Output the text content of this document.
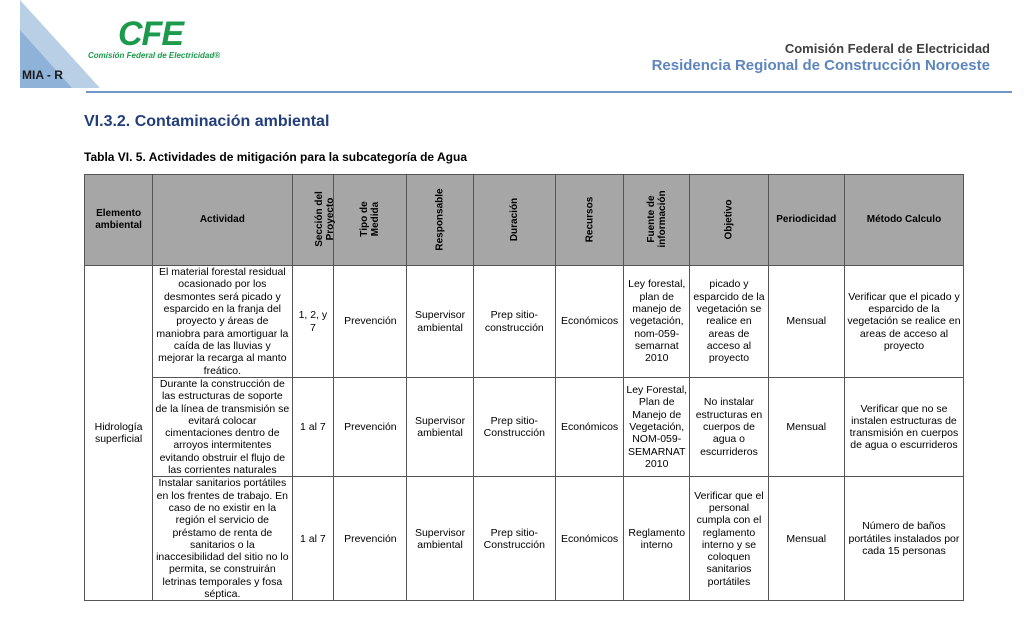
MIA - R
CFE
Comisión Federal de Electricidad®	Comisión Federal de Electricidad
Residencia Regional de Construcción Noroeste
VI.3.2. Contaminación ambiental
Tabla VI. 5. Actividades de mitigación para la subcategoría de Agua
Elemento ambiental	Actividad	Sección del Proyecto	Tipo de Medida	Responsable	Duración	Recursos	Fuente de información	Objetivo	Periodicidad	Método Calculo
Hidrología superficial	El material forestal residual ocasionado por los desmontes será picado y esparcido en la franja del proyecto y áreas de maniobra para amortiguar la caída de las lluvias y mejorar la recarga al manto freático.	1, 2, y 7	Prevención	Supervisor ambiental	Prep sitio-construcción	Económicos	Ley forestal, plan de manejo de vegetación, nom-059-semarnat 2010	picado y esparcido de la vegetación se realice en areas de acceso al proyecto	Mensual	Verificar que el picado y esparcido de la vegetación se realice en areas de acceso al proyecto
	Durante la construcción de las estructuras de soporte de la línea de transmisión se evitará colocar cimentaciones dentro de arroyos intermitentes evitando obstruir el flujo de las corrientes naturales	1 al 7	Prevención	Supervisor ambiental	Prep sitio-Construcción	Económicos	Ley Forestal, Plan de Manejo de Vegetación, NOM-059-SEMARNAT 2010	No instalar estructuras en cuerpos de agua o escurrideros	Mensual	Verificar que no se instalen estructuras de transmisión en cuerpos de agua o escurrideros
	Instalar sanitarios portátiles en los frentes de trabajo. En caso de no existir en la región el servicio de préstamo de renta de sanitarios o la inaccesibilidad del sitio no lo permita, se construirán letrinas temporales y fosa séptica.	1 al 7	Prevención	Supervisor ambiental	Prep sitio-Construcción	Económicos	Reglamento interno	Verificar que el personal cumpla con el reglamento interno y se coloquen sanitarios portátiles	Mensual	Número de baños portátiles instalados por cada 15 personas
